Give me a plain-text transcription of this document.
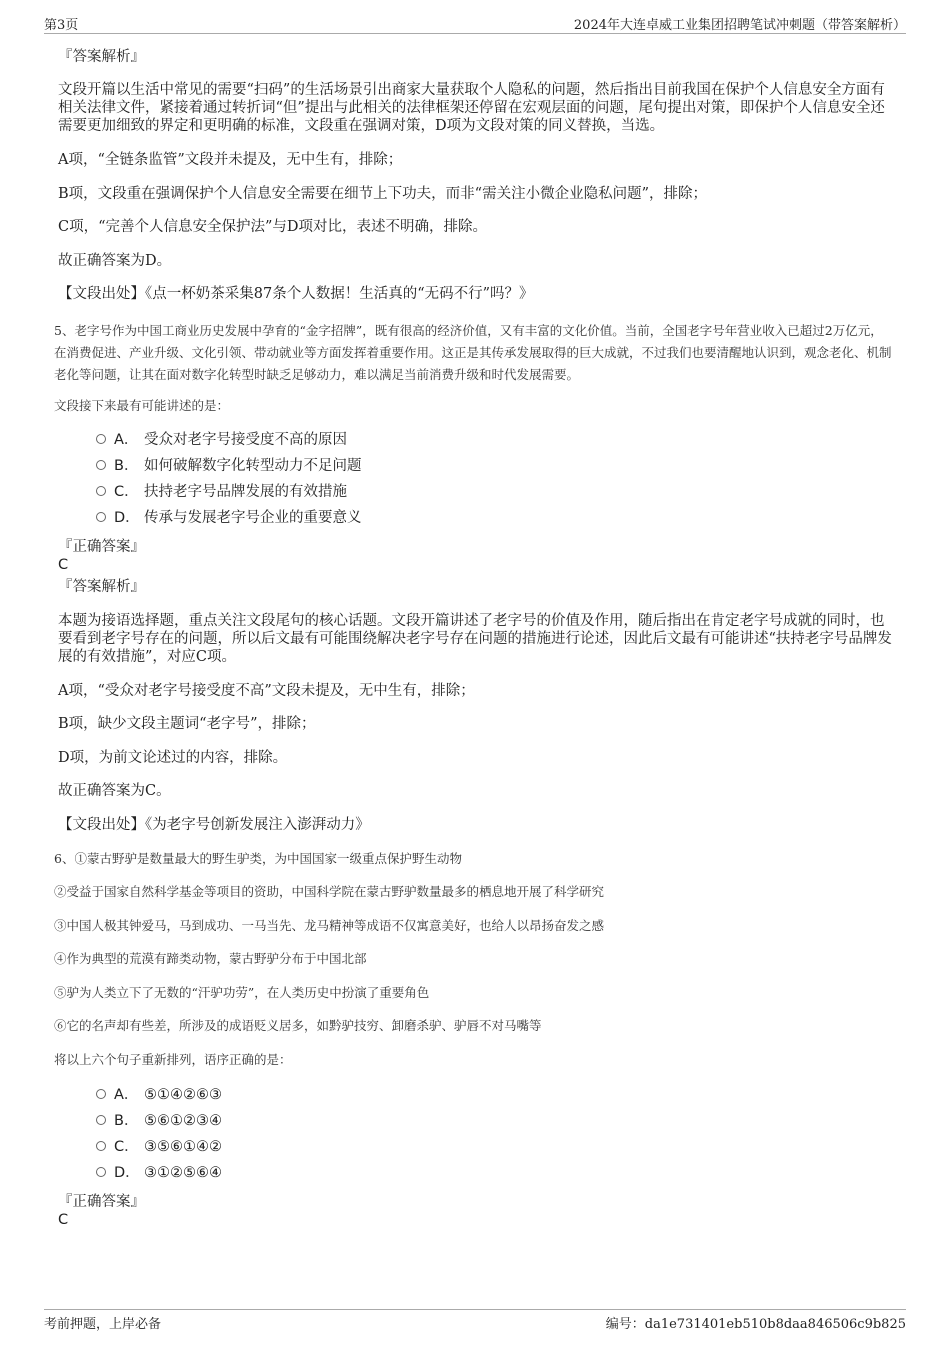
第3页	2024年大连卓威工业集团招聘笔试冲刺题（带答案解析）
『答案解析』
文段开篇以生活中常见的需要“扫码”的生活场景引出商家大量获取个人隐私的问题，然后指出目前我国在保护个人信息安全方面有相关法律文件，紧接着通过转折词“但”提出与此相关的法律框架还停留在宏观层面的问题，尾句提出对策，即保护个人信息安全还需要更加细致的界定和更明确的标准，文段重在强调对策，D项为文段对策的同义替换，当选。
A项，“全链条监管”文段并未提及，无中生有，排除；
B项，文段重在强调保护个人信息安全需要在细节上下功夫，而非“需关注小微企业隐私问题”，排除；
C项，“完善个人信息安全保护法”与D项对比，表述不明确，排除。
故正确答案为D。
【文段出处】《点一杯奶茶采集87条个人数据！生活真的“无码不行”吗？》
5、老字号作为中国工商业历史发展中孕育的“金字招牌”，既有很高的经济价值，又有丰富的文化价值。当前，全国老字号年营业收入已超过2万亿元，在消费促进、产业升级、文化引领、带动就业等方面发挥着重要作用。这正是其传承发展取得的巨大成就，不过我们也要清醒地认识到，观念老化、机制老化等问题，让其在面对数字化转型时缺乏足够动力，难以满足当前消费升级和时代发展需要。
文段接下来最有可能讲述的是：
A． 受众对老字号接受度不高的原因
B． 如何破解数字化转型动力不足问题
C． 扶持老字号品牌发展的有效措施
D． 传承与发展老字号企业的重要意义
『正确答案』
C
『答案解析』
本题为接语选择题，重点关注文段尾句的核心话题。文段开篇讲述了老字号的价值及作用，随后指出在肯定老字号成就的同时，也要看到老字号存在的问题，所以后文最有可能围绕解决老字号存在问题的措施进行论述，因此后文最有可能讲述“扶持老字号品牌发展的有效措施”，对应C项。
A项，“受众对老字号接受度不高”文段未提及，无中生有，排除；
B项，缺少文段主题词“老字号”，排除；
D项，为前文论述过的内容，排除。
故正确答案为C。
【文段出处】《为老字号创新发展注入澎湃动力》
6、①蒙古野驴是数量最大的野生驴类，为中国国家一级重点保护野生动物
②受益于国家自然科学基金等项目的资助，中国科学院在蒙古野驴数量最多的栖息地开展了科学研究
③中国人极其钟爱马，马到成功、一马当先、龙马精神等成语不仅寓意美好，也给人以昂扬奋发之感
④作为典型的荒漠有蹄类动物，蒙古野驴分布于中国北部
⑤驴为人类立下了无数的“汗驴功劳”，在人类历史中扮演了重要角色
⑥它的名声却有些差，所涉及的成语贬义居多，如黔驴技穷、卸磨杀驴、驴唇不对马嘴等
将以上六个句子重新排列，语序正确的是：
A． ⑤①④②⑥③
B． ⑤⑥①②③④
C． ③⑤⑥①④②
D． ③①②⑤⑥④
『正确答案』
C
考前押题，上岸必备	编号：da1e731401eb510b8daa846506c9b825
